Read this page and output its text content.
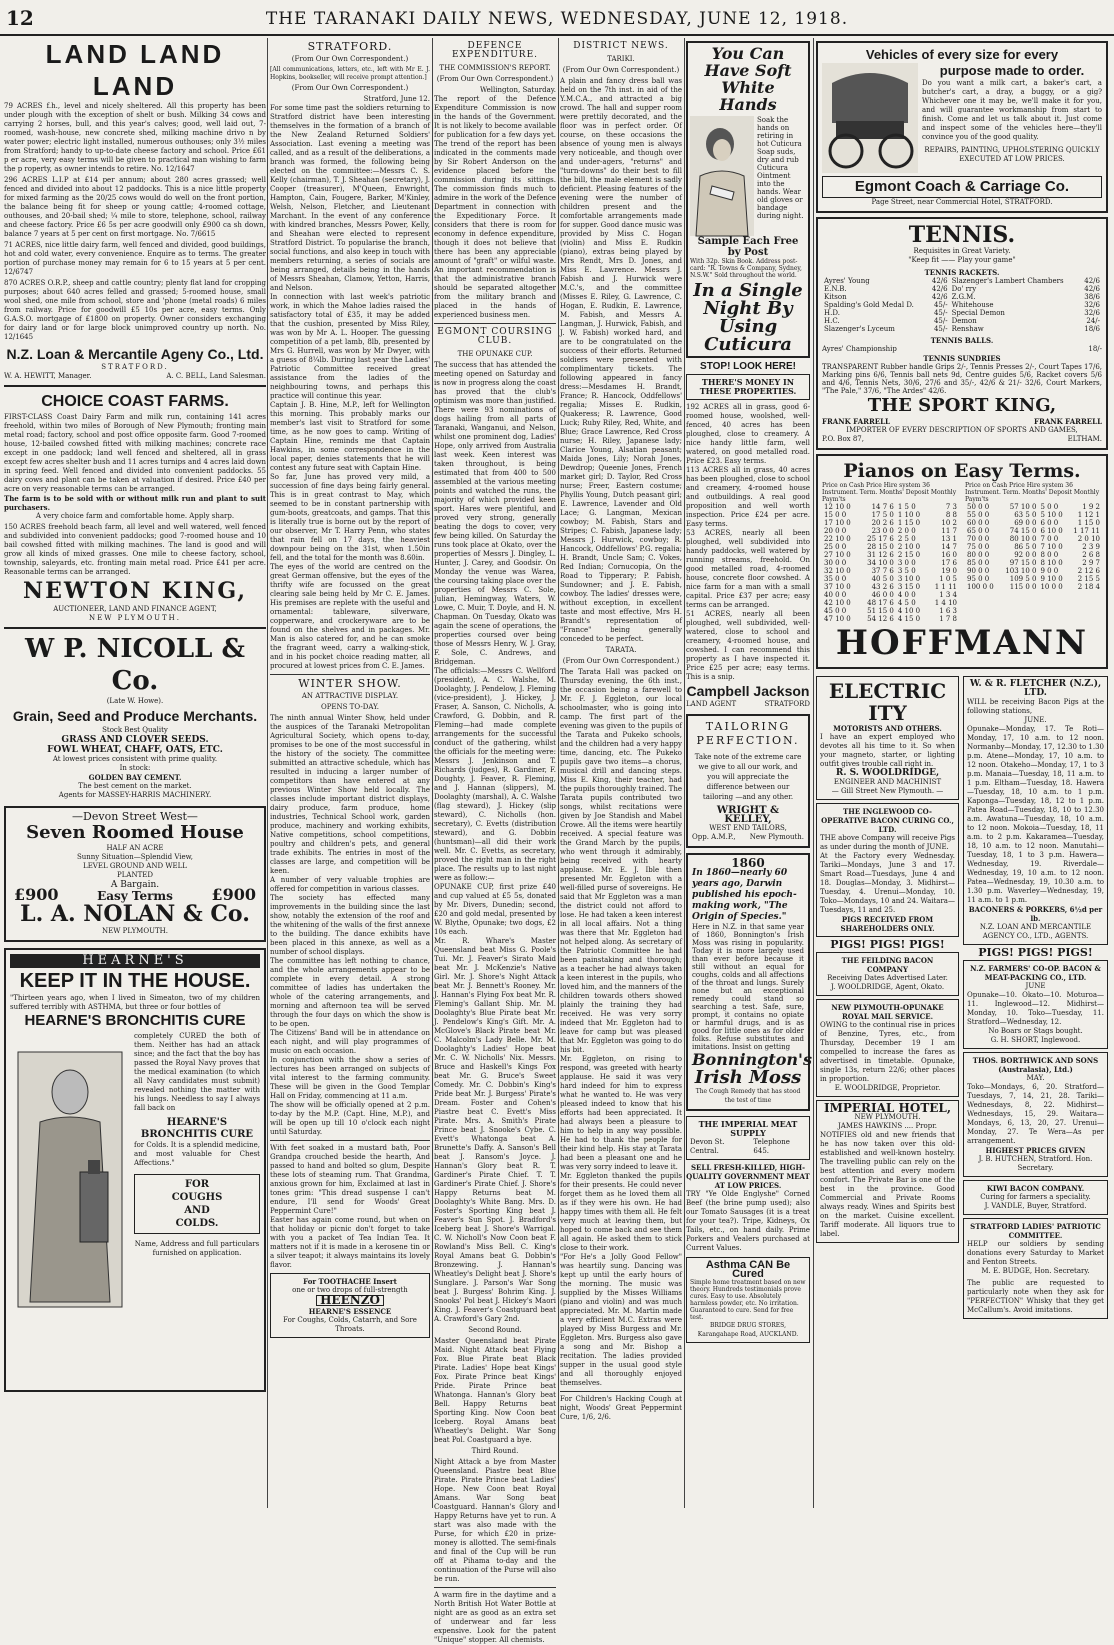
12	THE TARANAKI DAILY NEWS, WEDNESDAY, JUNE 12, 1918.
LAND LAND LAND
79 ACRES f.h., level and nicely sheltered. All this property has been under plough with the exception of shelt or bush. Milking 34 cows and carrying 2 horses, bull, and this year's calves; good, well laid out, 7-roomed, wash-house, new concrete shed, milking machine drivo n by water power; electric light installed, numerous outhouses; only 3½ miles from Stratford; handy to up-to-date cheese factory and school. Price £61 p er acre, very easy terms will be given to practical man wishing to farm the p roperty, as owner intends to retire. No. 12/1647
296 ACRES L.I.P at £14 per annum; about 280 acres grassed; well fenced and divided into about 12 paddocks. This is a nice little property for mixed farming as the 20/25 cows would do well on the front portion, the balance being fit for sheep or young cattle; 4-roomed cottage, outhouses, and 20-bail shed; ¼ mile to store, telephone, school, railway and cheese factory. Price £6 5s per acre goodwill only £900 ca sh down, balance 7 years at 5 per cent on first mortgage. No. 7/6615
71 ACRES, nice little dairy farm, well fenced and divided, good buildings, hot and cold water, every convenience. Enquire as to terms. The greater portion of purchase money may remain for 6 to 15 years at 5 per cent. 12/6747
870 ACRES O.R.P., sheep and cattle country; plenty flat land for cropping purposes; about 640 acres felled and grassed; 5-roomed house, small wool shed, one mile from school, store and 'phone (metal roads) 6 miles from railway. Price for goodwill £5 10s per acre, easy terms. Only G.A.S.O. mortgage of £1800 on property. Owner considers exchanging for dairy land or for large block unimproved country up north. No. 12/1645
N.Z. Loan & Mercantile Ageny Co., Ltd.
STRATFORD.
W. A. HEWITT, Manager.	A. C. BELL, Land Salesman.
CHOICE COAST FARMS.
FIRST-CLASS Coast Dairy Farm and milk run, containing 141 acres freehold, within two miles of Borough of New Plymouth; fronting main metal road; factory, school and post office opposite farm. Good 7-roomed house, 12-bailed cowshed fitted with milking machines; concrete race except in one paddock; land well fenced and sheltered, all in grass except few acres shelter bush and 11 acres turnips and 4 acres laid down in spring feed. Well fenced and divided into convenient paddocks. 55 dairy cows and plant can be taken at valuation if desired. Price £40 per acre on very reasonable terms can be arranged.
The farm is to be sold with or without milk run and plant to suit purchasers.
A very choice farm and comfortable home. Apply sharp.
150 ACRES freehold beach farm, all level and well watered, well fenced and subdivided into convenient paddocks; good 7-roomed house and 10 bail cowshed fitted with milking machines. The land is good and will grow all kinds of mixed grasses. One mile to cheese factory, school, township, saleyards, etc. fronting main metal road. Price £41 per acre. Reasonable terms can be arranged.
NEWTON KING,
AUCTIONEER, LAND AND FINANCE AGENT,
NEW PLYMOUTH.
W P. NICOLL & Co.
(Late W. Howe).
Grain, Seed and Produce Merchants.
Stock Best Quality
GRASS AND CLOVER SEEDS.
FOWL WHEAT, CHAFF, OATS, ETC.
At lowest prices consistent with prime quality.
In stock:
GOLDEN BAY CEMENT.
The best cement on the market.
Agents for MASSEY-HARRIS MACHINERY.
—Devon Street West—
Seven Roomed House
HALF AN ACRE
Sunny Situation—Splendid View,
LEVEL GROUND AND WELL
PLANTED
A Bargain.
£900	Easy Terms £900
L. A. NOLAN & Co.
NEW PLYMOUTH.
HEARNE'S
KEEP IT IN THE HOUSE.
"Thirteen years ago, when I lived in Simeaton, two of my children suffered terribly with ASTHMA, but three or four bottles of
HEARNE'S BRONCHITIS CURE
completely CURED the both of them. Neither has had an attack since; and the fact that the boy has passed the Royal Navy proves that the medical examination (to which all Navy candidates must submit) revealed nothing the matter with his lungs. Needless to say I always fall back on
HEARNE'S BRONCHITIS CURE
for Colds. It is a splendid medicine, and most valuable for Chest Affections."
FOR
COUGHS
AND
COLDS.
Name, Address and full particulars furnished on application.
STRATFORD.
(From Our Own Correspondent.)
[All communications, letters, etc., left with Mr E. J. Hopkins, bookseller, will receive prompt attention.]
(From Our Own Correspondent.)
Stratford, June 12.
For some time past the soldiers returning to Stratford district have been interesting themselves in the formation of a branch of the New Zealand Returned Soldiers' Association. Last evening a meeting was called, and as a result of the deliberations, a branch was formed, the following being elected on the committee:—Messrs C. S. Kelly (chairman), T. J. Sheahan (secretary), J. Cooper (treasurer), M'Queen, Enwright, Hampton, Cain, Fougere, Barker, M'Kinley, Welsh, Nelson, Fletcher, and Lieutenant Marchant. In the event of any conference with kindred branches, Messrs Power, Kelly, and Sheahan were elected to represent Stratford District. To popularise the branch, social functions, and also keep in touch with members returning, a series of socials are being arranged, details being in the hands of Messrs Sheahan, Clamow, Yetton, Harris, and Nelson.
In connection with last week's patriotic work, in which the Mahoe ladies raised the satisfactory total of £35, it may be added that the cushion, presented by Miss Riley, was won by Mr A. L. Hooper. The guessing competition of a pet lamb, 8lb, presented by Mrs G. Hurrell, was won by Mr Dwyer, with a guess of 8¼lb. During last year the Ladies' Patriotic Committee received great assistance from the ladies of the neighbouring towns, and perhaps this practice will continue this year.
Captain J. B. Hine, M.P., left for Wellington this morning. This probably marks our member's last visit to Stratford for some time, as he now goes to camp. Writing of Captain Hine, reminds me that Captain Hawkins, in some correspondence in the local paper, denies statements that he will contest any future seat with Captain Hine.
So far, June has proved very mild, a succession of fine days being fairly general. This is in great contrast to May, which seemed to be in constant partnership with gum-boots, greatcoats, and gamps. That this is literally true is borne out by the report of our observer, Mr T. Harry Penn, who states that rain fell on 17 days, the heaviest downpour being on the 31st, when 1.50in fell, and the total for the month was 8.60in.
The eyes of the world are centred on the great German offensive, but the eyes of the thrifty wife are focussed on the great clearing sale being held by Mr C. E. James. His premises are replete with the useful and ornamental: tableware, silverware, copperware, and crockeryware are to be found on the shelves and in packages. Mr. Man is also catered for, and he can smoke the fragrant weed, carry a walking-stick, and in his pocket choice reading matter, all procured at lowest prices from C. E. James.
WINTER SHOW.
AN ATTRACTIVE DISPLAY.
OPENS TO-DAY.
The ninth annual Winter Show, held under the auspices of the Taranaki Metropolitan Agricultural Society, which opens to-day, promises to be one of the most successful in the history of the society. The committee submitted an attractive schedule, which has resulted in inducing a larger number of competitors than have entered at any previous Winter Show held locally. The classes include important district displays, dairy produce, farm produce, home industries, Technical School work, garden produce, machinery and working exhibits, Native competitions, school competitions, poultry and children's pets, and general trade exhibits. The entries in most of the classes are large, and competition will be keen.
A number of very valuable trophies are offered for competition in various classes.
The society has effected many improvements in the building since the last show, notably the extension of the roof and the whitening of the walls of the first annexe to the building. The dance exhibits have been placed in this annexe, as well as a number of school displays.
The committee has left nothing to chance, and the whole arrangements appear to be complete in every detail. A strong committee of ladies has undertaken the whole of the catering arrangements, and morning and afternoon tea will be served through the four days on which the show is to be open.
The Citizens' Band will be in attendance on each night, and will play programmes of music on each occasion.
In conjunction with the show a series of lectures has been arranged on subjects of vital interest to the farming community. These will be given in the Good Templar Hall on Friday, commencing at 11 a.m.
The show will be officially opened at 2 p.m. to-day by the M.P. (Capt. Hine, M.P.), and will be open up till 10 o'clock each night until Saturday.
With feet soaked in a mustard bath, Poor Grandpa crouched beside the hearth, And passed to hand and bolted so glum, Despite these lots of steaming rum. That Grandma, anxious grown for him, Exclaimed at last in tones grim: "This dread suspense I can't endure, I'll send for Woods' Great Peppermint Cure!"
Easter has again come round, but when on that holiday or picnic don't forget to take with you a packet of Tea Indian Tea. It matters not if it is made in a kerosene tin or a silver teapot; it always maintains its lovely flavor.
For TOOTHACHE Insert
one or two drops of full-strength
HEENZO
HEARNE'S ESSENCE
For Coughs, Colds, Catarrh, and Sore Throats.
DEFENCE EXPENDITURE.
THE COMMISSION'S REPORT.
(From Our Own Correspondent.)
Wellington, Saturday.
The report of the Defence Expenditure Commission is now in the hands of the Government. It is not likely to become available for publication for a few days yet. The trend of the report has been indicated in the comments made by Sir Robert Anderson on the evidence placed before the commission during its sittings. The commission finds much to admire in the work of the Defence Department in connection with the Expeditionary Force. It considers that there is room for economy in defence expenditure, though it does not believe that there has been any appreciable amount of "graft" or wilful waste. An important recommendation is that the administrative branch should be separated altogether from the military branch and placed in the hands of experienced business men.
EGMONT COURSING CLUB.
THE OPUNAKE CUP.
The success that has attended the meeting opened on Saturday and is now in progress along the coast has proved that the club's optimism was more than justified. There were 93 nominations of dogs hailing from all parts of Taranaki, Wanganui, and Nelson, whilst one prominent dog, Ladies' Hope, only arrived from Australia last week. Keen interest was taken throughout, is being estimated that from 400 to 500 assembled at the various meeting points and watched the runs, the majority of which provided keen sport. Hares were plentiful, and proved very strong, generally beating the dogs to cover, very few being killed. On Saturday the runs took place at Okato, over the properties of Messrs J. Dingley, L. Hunter, J. Carey, and Goodsir. On Monday the venue was Warea, the coursing taking place over the properties of Messrs C. Sole, Julian, Hemingway, Waters, W. Lowe, C. Muir, T. Doyle, and H. N. Chapman. On Tuesday, Okato was again the scene of operations, the properties coursed over being those of Messrs Henry, W. J. Gray, F. Sole, C. Andrews, and Bridgeman.
The officials:—Messrs C. Wellford (president), A. C. Walshe, M. Doolaghty, J. Pendelow, J. Fleming (vice-president), J. Hickey, J. Fraser, A. Sanson, C. Nicholls, A. Crawford, G. Dobbin, and R. Fleming—had made complete arrangements for the successful conduct of the gathering, whilst the officials for the meeting were: Messrs J. Jenkinson and T. Richards (judges), R. Gardiner, F. Doughty, J. Feaver, R. Fleming, and J. Hannan (slippers), M. Doolaghty (marshal), A. C. Walshe (flag steward), J. Hickey (slip steward), C. Nicholls (hon. secretary), C. Evetts (distribution steward), and G. Dobbin (huntsman)—all did their work well. Mr. C. Evetts, as secretary, proved the right man in the right place. The results up to last night were as follow:—
OPUNAKE CUP, first prize £40 and cup valued at £5 5s, donated by Mr. Divers, Dunedin; second, £20 and gold medal, presented by W. Blythe, Opunake; two dogs, £2 10s each.
Mr. R. Whare's Master Queensland beat Miss G. Poole's Tui. Mr. J. Feaver's Sirato Maid beat Mr. J. McKenzie's Native Girl. Mr. J. Shore's Night Attack beat Mr. J. Bennett's Rooney. Mr. J. Hannan's Flying Fox beat Mr. R. Fleming's Gallant Ship. Mr. M. Doolaghty's Blue Pirate beat Mr. J. Pendelow's King's Gift. Mr. A. McGlove's Black Pirate beat Mr. C. Malcolm's Lady Belle. Mr. M. Doolaghty's Ladies' Hope beat Mr. C. W. Nicholls' Nix. Messrs. Bruce and Haskell's Kings Fox beat Mr. G. Bruce's Sweet Comedy. Mr. C. Dobbin's King's Pride beat Mr. J. Burgess' Pirate's Dream. Foster and Cohen's Piastre beat C. Evett's Miss Pirate. Mrs. A. Smith's Pirate Prince beat J. Snooke's Cybe. C. Evett's Whatonga beat A. Brunette's Daffy. A. Sanson's Bell beat J. Ransom's Joyce. J. Hannan's Glory beat R. T. Gardiner's Pirate Chief. T. T. Gardiner's Pirate Chief. J. Shore's Happy Returns beat M. Doolaghty's White Bang. Mrs. D. Foster's Sporting King beat J. Feaver's Sun Spot. J. Bradford's Iceberg beat J. Shore's Warrigal. C. W. Nicholl's Now Coon beat F. Rowland's Miss Bell. C. King's Royal Amans beat G. Dobbin's Bronzewing. J. Hannan's Wheatley's Delight beat J. Shore's Sunglare. J. Parson's War Song beat J. Burgess' Bohrim King. J. Snooks' Pol beat J. Hickey's Maori King. J. Feaver's Coastguard beat A. Crawford's Gary 2nd.
Second Round.
Master Queensland beat Pirate Maid. Night Attack beat Flying Fox. Blue Pirate beat Black Pirate. Ladies' Hope beat Kings' Fox. Pirate Prince beat Kings' Pride. Pirate Prince beat Whatonga. Hannan's Glory beat Bell. Happy Returns beat Sporting King. Now Coon beat Iceberg. Royal Amans beat Wheatley's Delight. War Song beat Pol. Coastguard a bye.
Third Round.
Night Attack a bye from Master Queensland. Piastre beat Blue Pirate. Pirate Prince beat Ladies' Hope. New Coon beat Royal Amans. War Song beat Coastguard. Hannan's Glory and Happy Returns have yet to run. A start was also made with the Purse, for which £20 in prize-money is allotted. The semi-finals and final of the Cup will be run off at Pihama to-day and the continuation of the Purse will also be run.
A warm fire in the daytime and a North British Hot Water Bottle at night are as good as an extra set of underwear and far less expensive. Look for the patent "Unique" stopper. All chemists.
DISTRICT NEWS.
TARIKI.
(From Our Own Correspondent.)
A plain and fancy dress ball was held on the 7th inst. in aid of the Y.M.C.A., and attracted a big crowd. The hall and supper room were prettily decorated, and the floor was in perfect order. Of course, on these occasions the absence of young men is always very noticeable, and though over and under-agers, "returns" and "turn-downs" do their best to fill the bill, the male element is sadly deficient. Pleasing features of the evening were the number of children present and the comfortable arrangements made for supper. Good dance music was provided by Miss C. Hogan (violin) and Miss E. Rudkin (piano), extras being played by Mrs Rendt, Mrs D. Jones, and Miss E. Lawrence. Messrs J. Fabish and J. Hurwick were M.C.'s, and the committee (Misses E. Riley, G. Lawrence, C. Hogan, E. Rudkin, E. Lawrence, M. Fabish, and Messrs A. Langman, J. Hurwick, Fabish, and J. W. Fabish) worked hard, and are to be congratulated on the success of their efforts. Returned soldiers were presented with complimentary tickets. The following appeared in fancy dress:—Mesdames H. Brandt, France; R. Hancock, Oddfellows' regalia; Misses E. Rudkin, Quakeress; R. Lawrence, Good Luck; Ruby Riley, Red, White, and Blue; Grace Lawrence, Red Cross nurse; H. Riley, Japanese lady; Clarice Young, Alsatian peasant; Maida Jones, Lily; Norah Jones, Dewdrop; Queenie Jones, French market girl; D. Taylor, Red Cross nurse; Freer, Eastern costume; Phyllis Young, Dutch peasant girl; E. Lawrence, Lavender and Old Lace; G. Langman, Mexican cowboy; M. Fabish, Stars and Stripes; C. Fabish, Japanese lady; Messrs J. Hurwick, cowboy; R. Hancock, Oddfellows' P.G. regalia; H. Brandt, Uncle Sam; C. Vokes, Red Indian; Cornucopia, On the Road to Tipperary; P. Fabish, Sundowner; and J. E. Fabish, cowboy. The ladies' dresses were, without exception, in excellent taste and most effective, Mrs H. Brandt's representation of "France" being generally conceded to be perfect.
TARATA.
(From Our Own Correspondent.)
The Tarata Hall was packed on Thursday evening, the 6th inst., the occasion being a farewell to Mr. F. J. Eggleton, our local schoolmaster, who is going into camp. The first part of the evening was given to the pupils of the Tarata and Pukeko schools, and the children had a very happy time, dancing, etc. The Pukeko pupils gave two items—a chorus, musical drill and dancing steps. Miss E. King, their teacher, had the pupils thoroughly trained. The Tarata pupils contributed two songs, whilst recitations were given by Joe Standish and Mabel Crowe. All the items were heartily received. A special feature was the Grand March by the pupils, who went through it admirably, being received with hearty applause. Mr. E. J. Ible then presented Mr. Eggleton with a well-filled purse of sovereigns. He said that Mr Eggleton was a man the district could not afford to lose. He had taken a keen interest in all local affairs. Not a thing was there that Mr. Eggleton had not helped along. As secretary of the Patriotic Committee he had been painstaking and thorough; as a teacher he had always taken a keen interest in the pupils, who loved him, and the manners of the children towards others showed plainly the training they had received. He was very sorry indeed that Mr. Eggleton had to leave for camp but was pleased that Mr. Eggleton was going to do his bit.
Mr. Eggleton, on rising to respond, was greeted with hearty applause. He said it was very hard indeed for him to express what he wanted to. He was very pleased indeed to know that his efforts had been appreciated. It had always been a pleasure to him to help in any way possible. He had to thank the people for their kind help. His stay at Tarata had been a pleasant one and he was very sorry indeed to leave it.
Mr. Eggleton thanked the pupils for their presents. He could never forget them as he loved them all as if they were his own. He had happy times with them all. He felt very much at leaving them, but hoped to come back and see them all again. He asked them to stick close to their work.
"For He's a Jolly Good Fellow" was heartily sung. Dancing was kept up until the early hours of the morning. The music was supplied by the Misses Williams (piano and violin) and was much appreciated. Mr. M. Martin made a very efficient M.C. Extras were played by Miss Burgess and Mr. Eggleton. Mrs. Burgess also gave a song and Mr. Bishop a recitation. The ladies provided supper in the usual good style and all thoroughly enjoyed themselves.
For Children's Hacking Cough at night, Woods' Great Peppermint Cure, 1/6, 2/6.
You Can Have Soft White Hands
Soak the hands on retiring in hot Cuticura Soap suds, dry and rub Cuticura Ointment into the hands. Wear old gloves or bandage during night.
Sample Each Free by Post
With 32p. Skin Book. Address post-card: "R. Towns & Company, Sydney, N.S.W." Sold throughout the world.
In a Single Night By Using Cuticura
STOP! LOOK HERE!
THERE'S MONEY IN THESE PROPERTIES.
192 ACRES all in grass, good 6-roomed house, woolshed, well-fenced, 40 acres has been ploughed, close to creamery. A nice handy little farm, well watered, on good metalled road. Price £23. Easy terms.
113 ACRES all in grass, 40 acres has been ploughed, close to school and creamery, 4-roomed house and outbuildings. A real good proposition and well worth inspection. Price £24 per acre. Easy terms.
53 ACRES, nearly all been ploughed, well subdivided into handy paddocks, well watered by running streams, freehold. On good metalled road, 4-roomed house, concrete floor cowshed. A nice farm for a man with a small capital. Price £37 per acre; easy terms can be arranged.
51 ACRES, nearly all been ploughed, well subdivided, well-watered, close to school and creamery, 4-roomed house, and cowshed. I can recommend this property as I have inspected it. Price £25 per acre; easy terms. This is a snip.
Campbell Jackson
LAND AGENT	STRATFORD
TAILORING PERFECTION.
Take note of the extreme care we give to all our work, and you will appreciate the difference between our tailoring —and any other.
WRIGHT & KELLEY,
WEST END TAILORS,
Opp. A.M.P., New Plymouth.
1860
In 1860—nearly 60 years ago, Darwin published his epoch-making work, "The Origin of Species."
Here in N.Z. in that same year of 1860, Bonnington's Irish Moss was rising in popularity. Today it is more largely used than ever before because it still without an equal for coughs, colds and all affections of the throat and lungs. Surely none but an exceptional remedy could stand so searching a test. Safe, sure, prompt, it contains no opiate or harmful drugs, and is as good for little ones as for older folks. Refuse substitutes and imitations. Insist on getting
Bonnington's
Irish Moss
The Cough Remedy that has stood the test of time
THE IMPERIAL MEAT SUPPLY
Devon St. Central.
Telephone 645.
SELL FRESH-KILLED, HIGH-QUALITY GOVERNMENT MEAT AT LOW PRICES.
TRY "Ye Olde Englyshe" Corned Beef (the brine pump used); also our Tomato Sausages (it is a treat for your tea?). Tripe, Kidneys, Ox Tails, etc., on hand daily. Prime Porkers and Vealers purchased at Current Values.
Asthma CAN Be Cured
Simple home treatment based on new theory. Hundreds testimonials prove cures. Easy to use. Absolutely harmless powder, etc. No irritation. Guaranteed to cure. Send for free test.
BRIDGE DRUG STORES, Karangahape Road, AUCKLAND.
Vehicles of every size for every
purpose made to order.
Do you want a milk cart, a baker's cart, a butcher's cart, a dray, a buggy, or a gig? Whichever one it may be, we'll make it for you, and will guarantee workmanship from start to finish. Come and let us talk about it. Just come and inspect some of the vehicles here—they'll convince you of the good quality.
REPAIRS, PAINTING, UPHOLSTERING QUICKLY EXECUTED AT LOW PRICES.
Egmont Coach & Carriage Co.
Page Street, near Commercial Hotel, STRATFORD.
TENNIS.
Requisites in Great Variety.
"Keep fit —— Play your game"
TENNIS RACKETS.
Ayres' Young	42/6	Slazenger's Lambert Chambers	42/6
E.N.B.	42/6	Do' rry	42/6
Kitson	42/6	Z.G.M.	38/6
Spalding's Gold Medal D.	45/-	Whitehouse	32/6
H.D.	45/-	Special Demon	32/6
H.C.	45/-	Demon	24/-
Slazenger's Lyceum	45/-	Renshaw	18/6
TENNIS BALLS.
Ayres' Championship	18/-
TENNIS SUNDRIES
TRANSPARENT Rubber handle Grips 2/-, Tennis Presses 2/-, Court Tapes 17/6, Marking pins 6/6, Tennis ball nets 9d, Centre guides 5/6, Racket covers 5/6 and 4/6, Tennis Nets, 30/6, 27/6 and 35/-, 42/6 & 21/- 32/6, Court Markers, "The Pale," 37/6, "The Ardes" 42/6.
THE SPORT KING,
FRANK FARRELL	FRANK FARRELL
IMPORTER OF EVERY DESCRIPTION OF SPORTS AND GAMES,
P.O. Box 87,	ELTHAM.
Pianos on Easy Terms.
Price on Cash Price Hire system 36 Instrument. Term. Months' Deposit Monthly Paym'ts
12 10 0	14 7 6	1 5 0	7 3
15 0 0	17 5 0	1 10 0	8 8
17 10 0	20 2 6	1 15 0	10 2
20 0 0	23 0 0	2 0 0	11 7
22 10 0	25 17 6	2 5 0	13 1
25 0 0	28 15 0	2 10 0	14 7
27 10 0	31 12 6	2 15 0	16 0
30 0 0	34 10 0	3 0 0	17 6
32 10 0	37 7 6	3 5 0	19 0
35 0 0	40 5 0	3 10 0	1 0 5
37 10 0	43 2 6	3 15 0	1 1 11
40 0 0	46 0 0	4 0 0	1 3 4
42 10 0	48 17 6	4 5 0	1 4 10
45 0 0	51 15 0	4 10 0	1 6 3
47 10 0	54 12 6	4 15 0	1 7 8
Price on Cash Price Hire system 36 Instrument. Term. Months' Deposit Monthly Paym'ts
50 0 0	57 10 0	5 0 0	1 9 2
55 0 0	63 5 0	5 10 0	1 12 1
60 0 0	69 0 0	6 0 0	1 15 0
65 0 0	74 15 0	6 10 0	1 17 11
70 0 0	80 10 0	7 0 0	2 0 10
75 0 0	86 5 0	7 10 0	2 3 9
80 0 0	92 0 0	8 0 0	2 6 8
85 0 0	97 15 0	8 10 0	2 9 7
90 0 0	103 10 0	9 0 0	2 12 6
95 0 0	109 5 0	9 10 0	2 15 5
100 0 0	115 0 0	10 0 0	2 18 4
HOFFMANN
ELECTRIC ITY
MOTORISTS AND OTHERS.
I have an expert employed who devotes all his time to it. So when your magneto, starter, or lighting outfit gives trouble call right in.
R. S. WOOLDRIDGE,
ENGINEER AND MACHINIST
— Gill Street New Plymouth. —
THE INGLEWOOD CO-OPERATIVE BACON CURING CO., LTD.
THE above Company will receive Pigs as under during the month of JUNE.
At the Factory every Wednesday. Tariki—Mondays, June 3 and 17. Smart Road—Tuesdays, June 4 and 18. Douglas—Monday, 3. Midhirst—Tuesday, 4. Urenui—Monday, 10. Toko—Mondays, 10 and 24. Waitara—Tuesdays, 11 and 25.
PIGS RECEIVED FROM SHAREHOLDERS ONLY.
PIGS! PIGS! PIGS!
THE FEILDING BACON COMPANY
Receiving Dates Advertised Later.
J. WOOLDRIDGE, Agent, Okato.
NEW PLYMOUTH-OPUNAKE ROYAL MAIL SERVICE.
OWING to the continual rise in prices of Benzine, Tyres, etc., from Thursday, December 19 I am compelled to increase the fares as advertised in timetable. Opunake, single 13s, return 22/6; other places in proportion.
E. WOOLDRIDGE, Proprietor.
IMPERIAL HOTEL,
NEW PLYMOUTH.
JAMES HAWKINS .... Propr.
NOTIFIES old and new friends that he has now taken over this old-established and well-known hostelry. The travelling public can rely on the best attention and every modern comfort. The Private Bar is one of the best in the province. Good Commercial and Private Rooms always ready. Wines and Spirits best on the market. Cuisine excellent. Tariff moderate. All liquors true to label.
W. & R. FLETCHER (N.Z.), LTD.
WILL be receiving Bacon Pigs at the following stations,
JUNE.
Opunake—Monday, 17. Te Roti—Monday, 17, 10 a.m. to 12 noon. Normanby—Monday, 17, 12.30 to 1.30 p.m. Atene—Monday, 17, 10 a.m. to 12 noon. Otakeho—Monday, 17, 1 to 3 p.m. Manaia—Tuesday, 18, 11 a.m. to 1 p.m. Eltham—Tuesday, 18. Hawera—Tuesday, 18, 10 a.m. to 1 p.m. Kaponga—Tuesday, 18, 12 to 1 p.m. Patea Road—Tuesday, 18, 10 to 12.30 a.m. Awatuna—Tuesday, 18, 10 a.m. to 12 noon. Mokoia—Tuesday, 18, 11 a.m. to 2 p.m. Kakaramea—Tuesday, 18, 10 a.m. to 12 noon. Manutahi—Tuesday, 18, 1 to 3 p.m. Hawera—Wednesday, 19. Riverdale—Wednesday, 19, 10 a.m. to 12 noon. Patea—Wednesday, 19, 10.30 a.m. to 1.30 p.m. Waverley—Wednesday, 19, 11 a.m. to 1 p.m.
BACONERS & PORKERS, 6½d per lb.
N.Z. LOAN AND MERCANTILE AGENCY CO., LTD., AGENTS.
PIGS! PIGS! PIGS!
N.Z. FARMERS' CO-OP. BACON & MEAT-PACKING CO., LTD.
JUNE
Opunake—10. Okato—10. Moturoa—11. Inglewood—12. Midhirst—Monday, 10. Toko—Tuesday, 11. Stratford—Wednesday, 12.
No Boars or Stags bought.
G. H. SHORT, Inglewood.
THOS. BORTHWICK AND SONS (Australasia), Ltd.)
MAY.
Toko—Mondays, 6, 20. Stratford—Tuesdays, 7, 14, 21, 28. Tariki—Wednesdays, 8, 22. Midhirst—Wednesdays, 15, 29. Waitara—Mondays, 6, 13, 20, 27. Urenui—Monday, 27. Te Wera—As per arrangement.
HIGHEST PRICES GIVEN
J. B. HUTCHEN, Stratford. Hon. Secretary.
KIWI BACON COMPANY.
Curing for farmers a speciality.
J. VANDLE, Buyer, Stratford.
STRATFORD LADIES' PATRIOTIC COMMITTEE.
HELP our soldiers by sending donations every Saturday to Market and Fenton Streets.
M. E. BUDGE, Hon. Secretary.
The public are requested to particularly note when they ask for "PERFECTION" Whisky that they get McCallum's. Avoid imitations.
